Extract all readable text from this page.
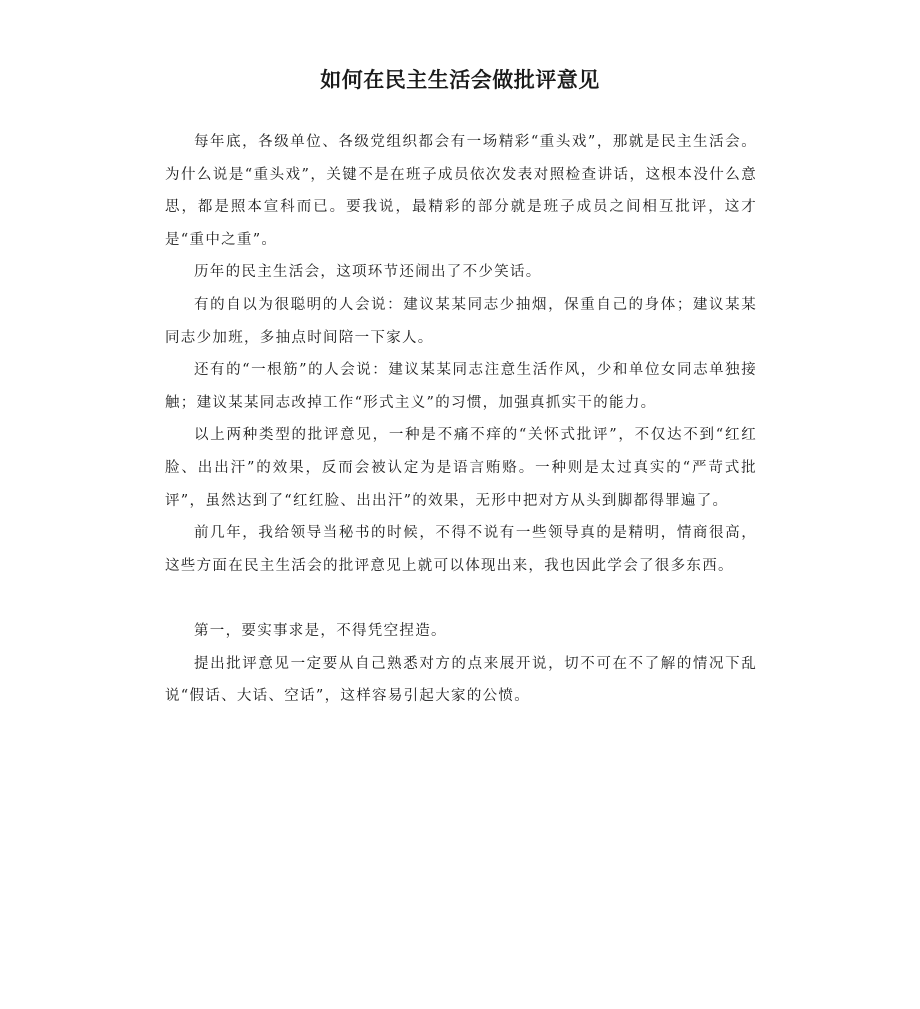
如何在民主生活会做批评意见

每年底，各级单位、各级党组织都会有一场精彩“重头戏”，那就是民主生活会。为什么说是“重头戏”，关键不是在班子成员依次发表对照检查讲话，这根本没什么意思，都是照本宣科而已。要我说，最精彩的部分就是班子成员之间相互批评，这才是“重中之重”。

历年的民主生活会，这项环节还闹出了不少笑话。

有的自以为很聪明的人会说：建议某某同志少抽烟，保重自己的身体；建议某某同志少加班，多抽点时间陪一下家人。

还有的“一根筋”的人会说：建议某某同志注意生活作风，少和单位女同志单独接触；建议某某同志改掉工作“形式主义”的习惯，加强真抓实干的能力。

以上两种类型的批评意见，一种是不痛不痒的“关怀式批评”，不仅达不到“红红脸、出出汗”的效果，反而会被认定为是语言贿赂。一种则是太过真实的“严苛式批评”，虽然达到了“红红脸、出出汗”的效果，无形中把对方从头到脚都得罪遍了。

前几年，我给领导当秘书的时候，不得不说有一些领导真的是精明，情商很高，这些方面在民主生活会的批评意见上就可以体现出来，我也因此学会了很多东西。

第一，要实事求是，不得凭空捏造。

提出批评意见一定要从自己熟悉对方的点来展开说，切不可在不了解的情况下乱说“假话、大话、空话”，这样容易引起大家的公愤。
